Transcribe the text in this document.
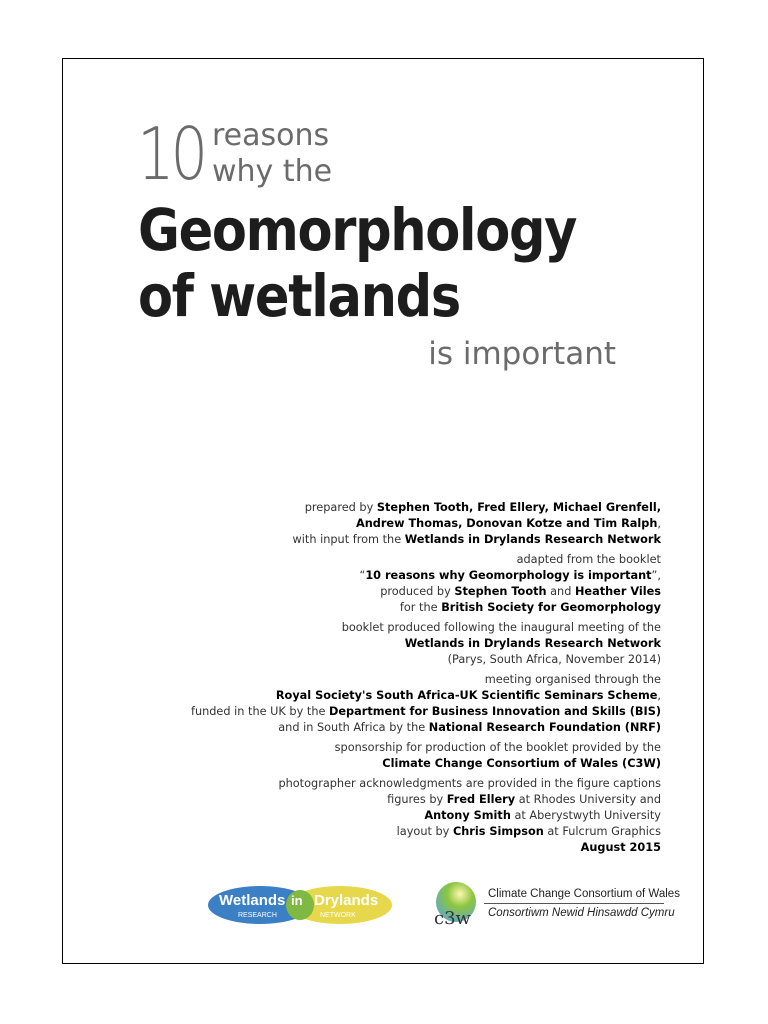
10 reasons
why the
Geomorphology
of wetlands
is important
prepared by Stephen Tooth, Fred Ellery, Michael Grenfell,
Andrew Thomas, Donovan Kotze and Tim Ralph,
with input from the Wetlands in Drylands Research Network
adapted from the booklet
“10 reasons why Geomorphology is important”,
produced by Stephen Tooth and Heather Viles
for the British Society for Geomorphology
booklet produced following the inaugural meeting of the
Wetlands in Drylands Research Network
(Parys, South Africa, November 2014)
meeting organised through the
Royal Society's South Africa-UK Scientific Seminars Scheme,
funded in the UK by the Department for Business Innovation and Skills (BIS)
and in South Africa by the National Research Foundation (NRF)
sponsorship for production of the booklet provided by the
Climate Change Consortium of Wales (C3W)
photographer acknowledgments are provided in the figure captions
figures by Fred Ellery at Rhodes University and
Antony Smith at Aberystwyth University
layout by Chris Simpson at Fulcrum Graphics
August 2015
Wetlands in Drylands
RESEARCH	NETWORK	c3w
Climate Change Consortium of Wales
Consortiwm Newid Hinsawdd Cymru
